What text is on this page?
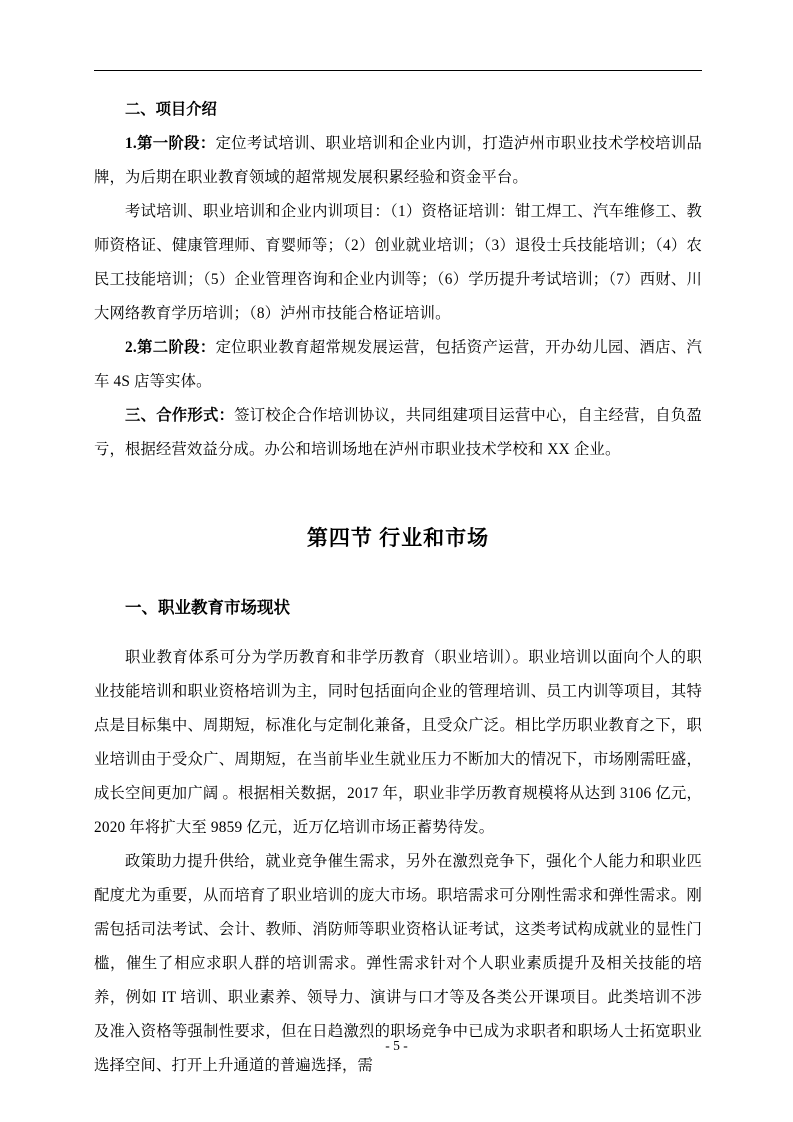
二、项目介绍

1.第一阶段：定位考试培训、职业培训和企业内训，打造泸州市职业技术学校培训品牌，为后期在职业教育领域的超常规发展积累经验和资金平台。

考试培训、职业培训和企业内训项目：（1）资格证培训：钳工焊工、汽车维修工、教师资格证、健康管理师、育婴师等；（2）创业就业培训；（3）退役士兵技能培训；（4）农民工技能培训；（5）企业管理咨询和企业内训等；（6）学历提升考试培训；（7）西财、川大网络教育学历培训；（8）泸州市技能合格证培训。

2.第二阶段：定位职业教育超常规发展运营，包括资产运营，开办幼儿园、酒店、汽车 4S 店等实体。

三、合作形式：签订校企合作培训协议，共同组建项目运营中心，自主经营，自负盈亏，根据经营效益分成。办公和培训场地在泸州市职业技术学校和 XX 企业。

第四节 行业和市场

一、职业教育市场现状

职业教育体系可分为学历教育和非学历教育（职业培训）。职业培训以面向个人的职业技能培训和职业资格培训为主，同时包括面向企业的管理培训、员工内训等项目，其特点是目标集中、周期短，标准化与定制化兼备，且受众广泛。相比学历职业教育之下，职业培训由于受众广、周期短，在当前毕业生就业压力不断加大的情况下，市场刚需旺盛，成长空间更加广阔 。根据相关数据，2017 年，职业非学历教育规模将从达到 3106 亿元，2020 年将扩大至 9859 亿元，近万亿培训市场正蓄势待发。

政策助力提升供给，就业竞争催生需求，另外在激烈竞争下，强化个人能力和职业匹配度尤为重要，从而培育了职业培训的庞大市场。职培需求可分刚性需求和弹性需求。刚需包括司法考试、会计、教师、消防师等职业资格认证考试，这类考试构成就业的显性门槛，催生了相应求职人群的培训需求。弹性需求针对个人职业素质提升及相关技能的培养，例如 IT 培训、职业素养、领导力、演讲与口才等及各类公开课项目。此类培训不涉及准入资格等强制性要求，但在日趋激烈的职场竞争中已成为求职者和职场人士拓宽职业选择空间、打开上升通道的普遍选择，需

- 5 -
